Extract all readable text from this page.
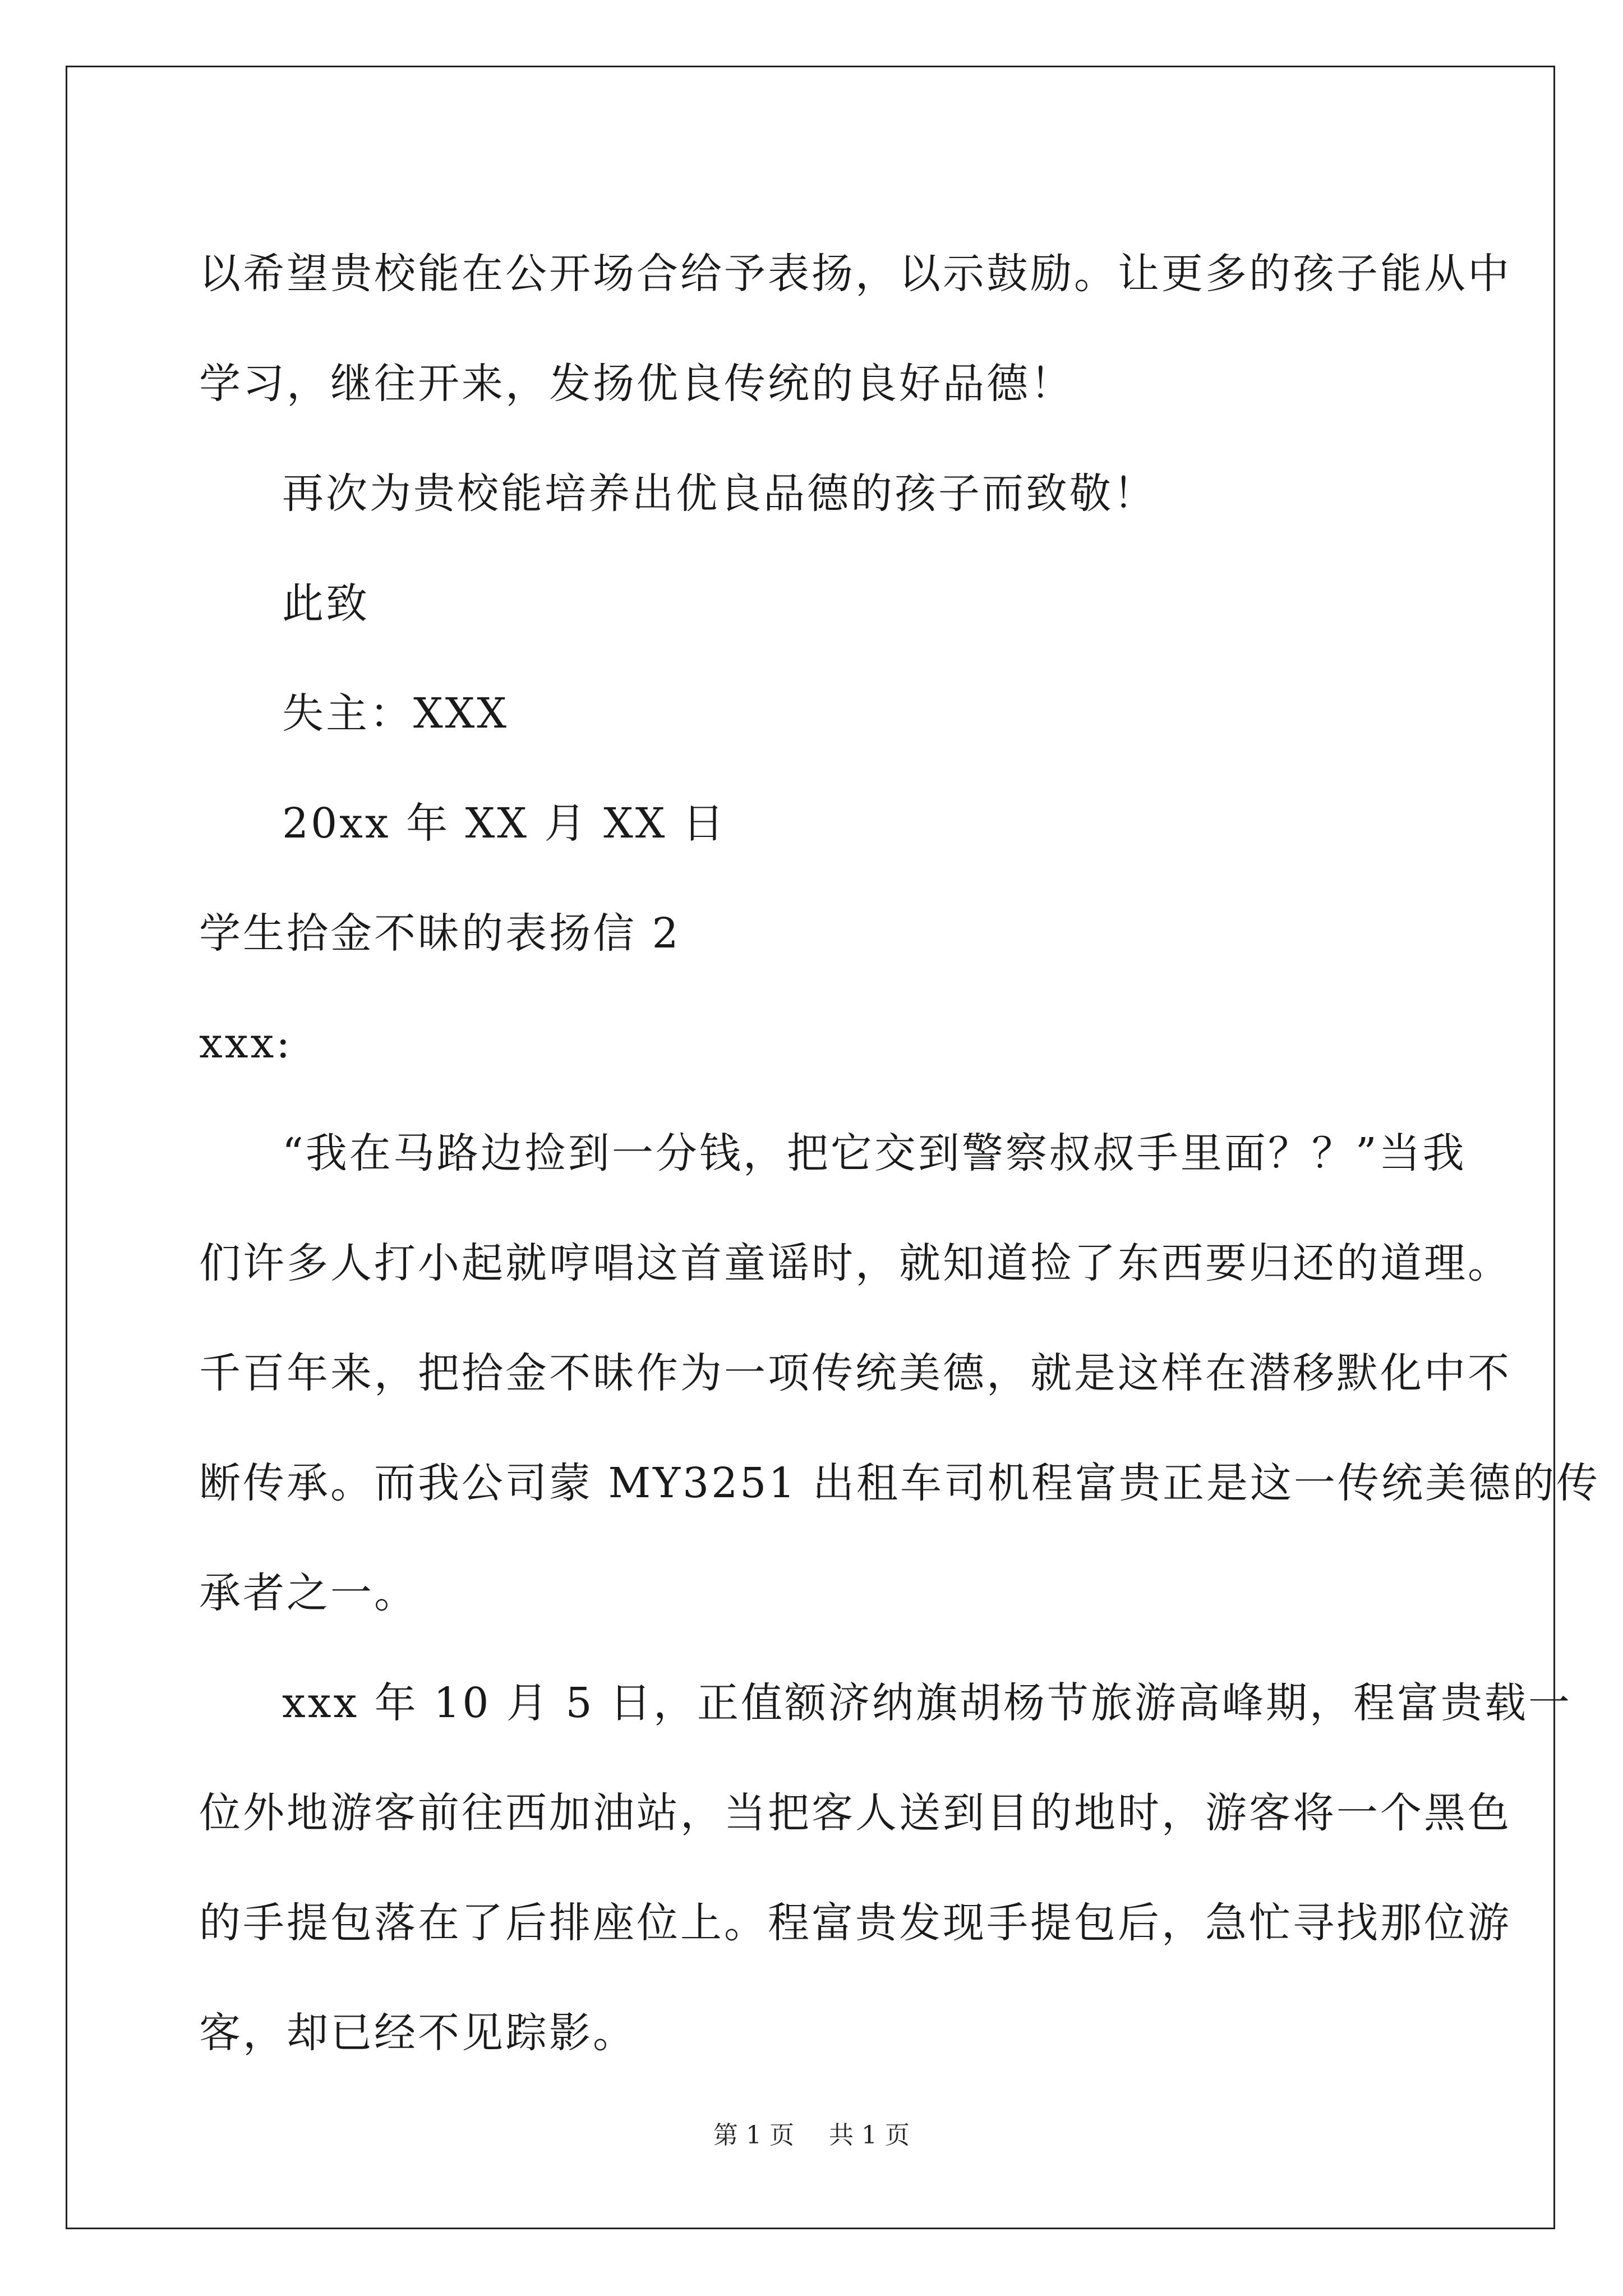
以希望贵校能在公开场合给予表扬，以示鼓励。让更多的孩子能从中
学习，继往开来，发扬优良传统的良好品德！
再次为贵校能培养出优良品德的孩子而致敬！
此致
失主：XXX
20xx 年 XX 月 XX 日
学生拾金不昧的表扬信 2
xxx:
“我在马路边捡到一分钱，把它交到警察叔叔手里面？？”当我
们许多人打小起就哼唱这首童谣时，就知道捡了东西要归还的道理。
千百年来，把拾金不昧作为一项传统美德，就是这样在潜移默化中不
断传承。而我公司蒙 MY3251 出租车司机程富贵正是这一传统美德的传
承者之一。
xxx 年 10 月 5 日，正值额济纳旗胡杨节旅游高峰期，程富贵载一
位外地游客前往西加油站，当把客人送到目的地时，游客将一个黑色
的手提包落在了后排座位上。程富贵发现手提包后，急忙寻找那位游
客，却已经不见踪影。
第 1 页 共 1 页
